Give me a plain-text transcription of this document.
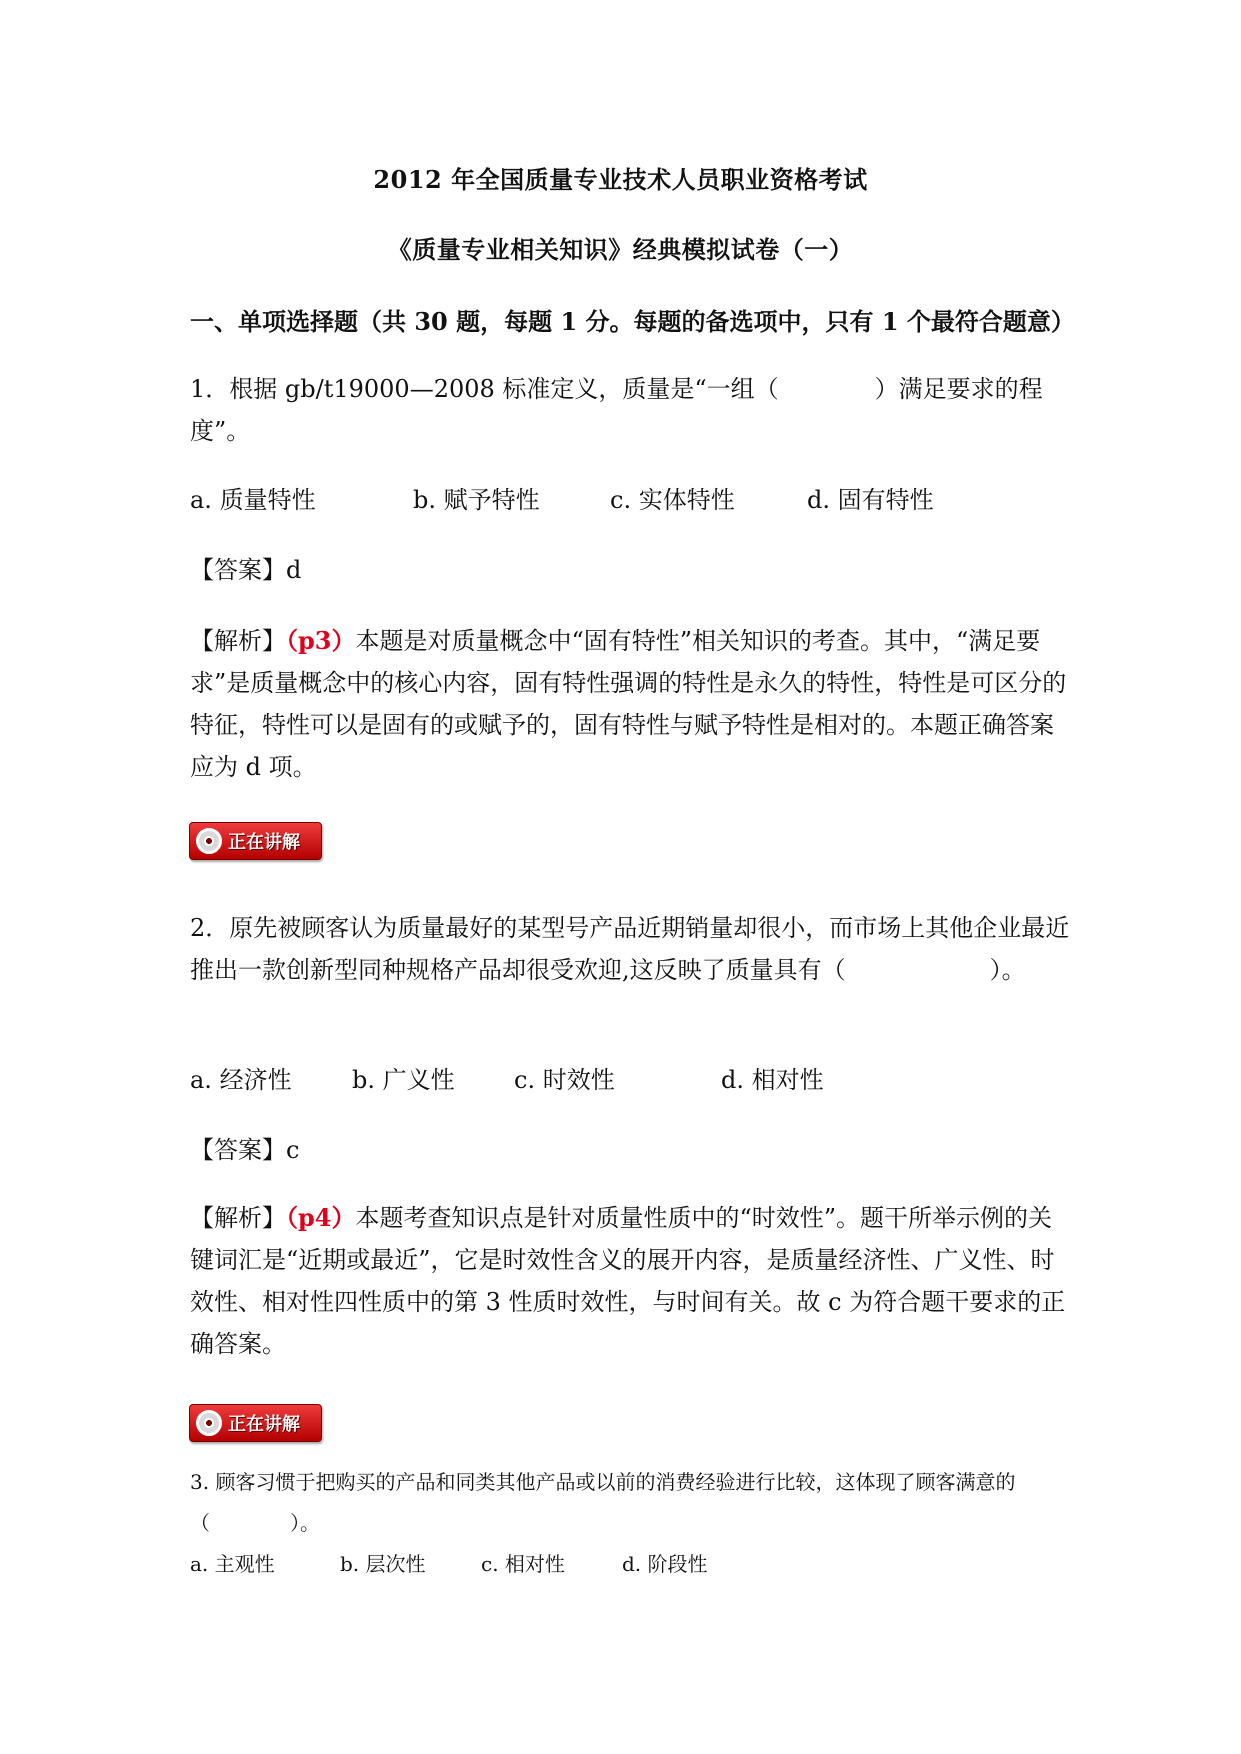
2012 年全国质量专业技术人员职业资格考试
《质量专业相关知识》经典模拟试卷（一）
一、单项选择题（共 30 题，每题 1 分。每题的备选项中，只有 1 个最符合题意）

1．根据 gb/t19000—2008 标准定义，质量是“一组（　　　　）满足要求的程度”。

a. 质量特性	b. 赋予特性	c. 实体特性	d. 固有特性
【答案】d

【解析】（p3）本题是对质量概念中“固有特性”相关知识的考查。其中，“满足要求”是质量概念中的核心内容，固有特性强调的特性是永久的特性，特性是可区分的特征，特性可以是固有的或赋予的，固有特性与赋予特性是相对的。本题正确答案应为 d 项。

正在讲解

2．原先被顾客认为质量最好的某型号产品近期销量却很小，而市场上其他企业最近推出一款创新型同种规格产品却很受欢迎,这反映了质量具有（　　　　　　）。

a. 经济性	b. 广义性 c. 时效性	d. 相对性
【答案】c

【解析】（p4）本题考查知识点是针对质量性质中的“时效性”。题干所举示例的关键词汇是“近期或最近”，它是时效性含义的展开内容，是质量经济性、广义性、时效性、相对性四性质中的第 3 性质时效性，与时间有关。故 c 为符合题干要求的正确答案。

正在讲解

3. 顾客习惯于把购买的产品和同类其他产品或以前的消费经验进行比较，这体现了顾客满意的（　　　　）。

a. 主观性	b. 层次性	c. 相对性	d. 阶段性
